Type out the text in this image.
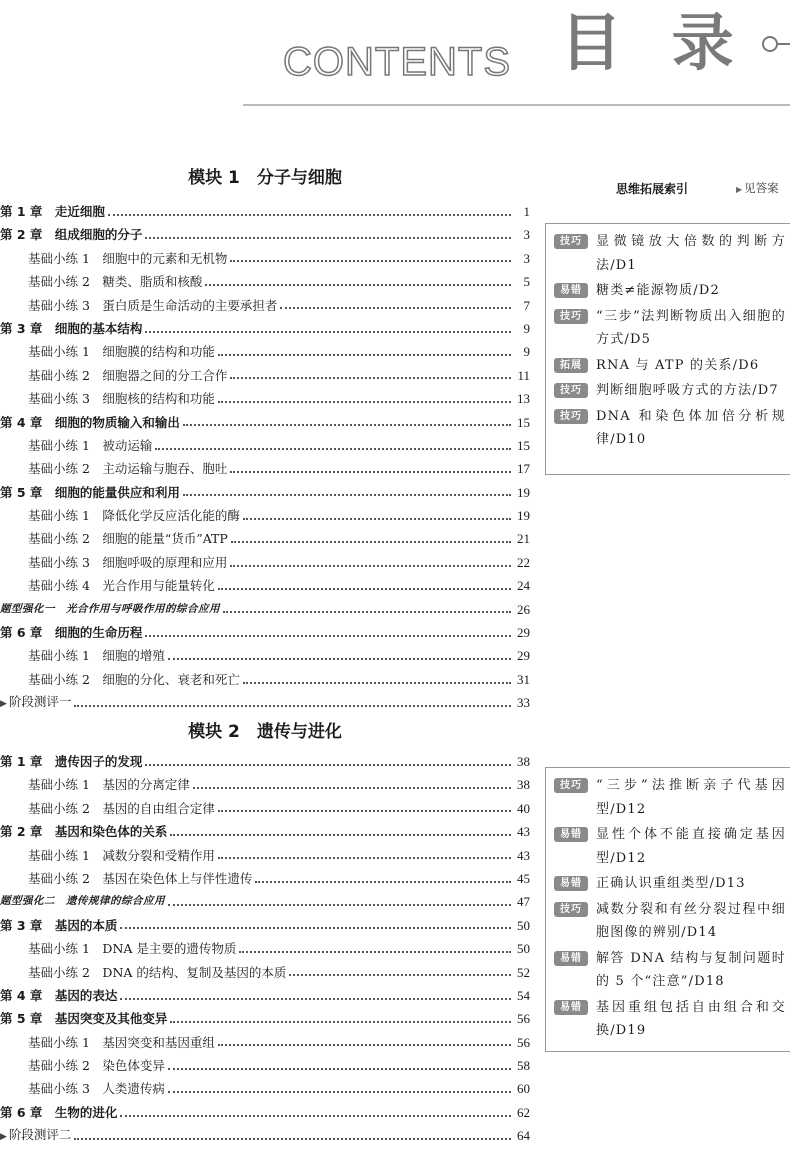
CONTENTS 目 录
模块 1　分子与细胞
第 1 章　走近细胞	1
第 2 章　组成细胞的分子	3
基础小练 1　细胞中的元素和无机物	3
基础小练 2　糖类、脂质和核酸	5
基础小练 3　蛋白质是生命活动的主要承担者	7
第 3 章　细胞的基本结构	9
基础小练 1　细胞膜的结构和功能	9
基础小练 2　细胞器之间的分工合作	11
基础小练 3　细胞核的结构和功能	13
第 4 章　细胞的物质输入和输出	15
基础小练 1　被动运输	15
基础小练 2　主动运输与胞吞、胞吐	17
第 5 章　细胞的能量供应和利用	19
基础小练 1　降低化学反应活化能的酶	19
基础小练 2　细胞的能量“货币”ATP	21
基础小练 3　细胞呼吸的原理和应用	22
基础小练 4　光合作用与能量转化	24
题型强化一　光合作用与呼吸作用的综合应用	26
第 6 章　细胞的生命历程	29
基础小练 1　细胞的增殖	29
基础小练 2　细胞的分化、衰老和死亡	31
▶ 阶段测评一	33
模块 2　遗传与进化
第 1 章　遗传因子的发现	38
基础小练 1　基因的分离定律	38
基础小练 2　基因的自由组合定律	40
第 2 章　基因和染色体的关系	43
基础小练 1　减数分裂和受精作用	43
基础小练 2　基因在染色体上与伴性遗传	45
题型强化二　遗传规律的综合应用	47
第 3 章　基因的本质	50
基础小练 1　DNA 是主要的遗传物质	50
基础小练 2　DNA 的结构、复制及基因的本质	52
第 4 章　基因的表达	54
第 5 章　基因突变及其他变异	56
基础小练 1　基因突变和基因重组	56
基础小练 2　染色体变异	58
基础小练 3　人类遗传病	60
第 6 章　生物的进化	62
▶ 阶段测评二	64
思维拓展索引	▶ 见答案
技巧	显微镜放大倍数的判断方法/D1
易错	糖类≠能源物质/D2
技巧	“三步”法判断物质出入细胞的方式/D5
拓展	RNA 与 ATP 的关系/D6
技巧	判断细胞呼吸方式的方法/D7
技巧	DNA 和染色体加倍分析规律/D10
技巧	“三步”法推断亲子代基因型/D12
易错	显性个体不能直接确定基因型/D12
易错	正确认识重组类型/D13
技巧	减数分裂和有丝分裂过程中细胞图像的辨别/D14
易错	解答 DNA 结构与复制问题时的 5 个“注意”/D18
易错	基因重组包括自由组合和交换/D19
